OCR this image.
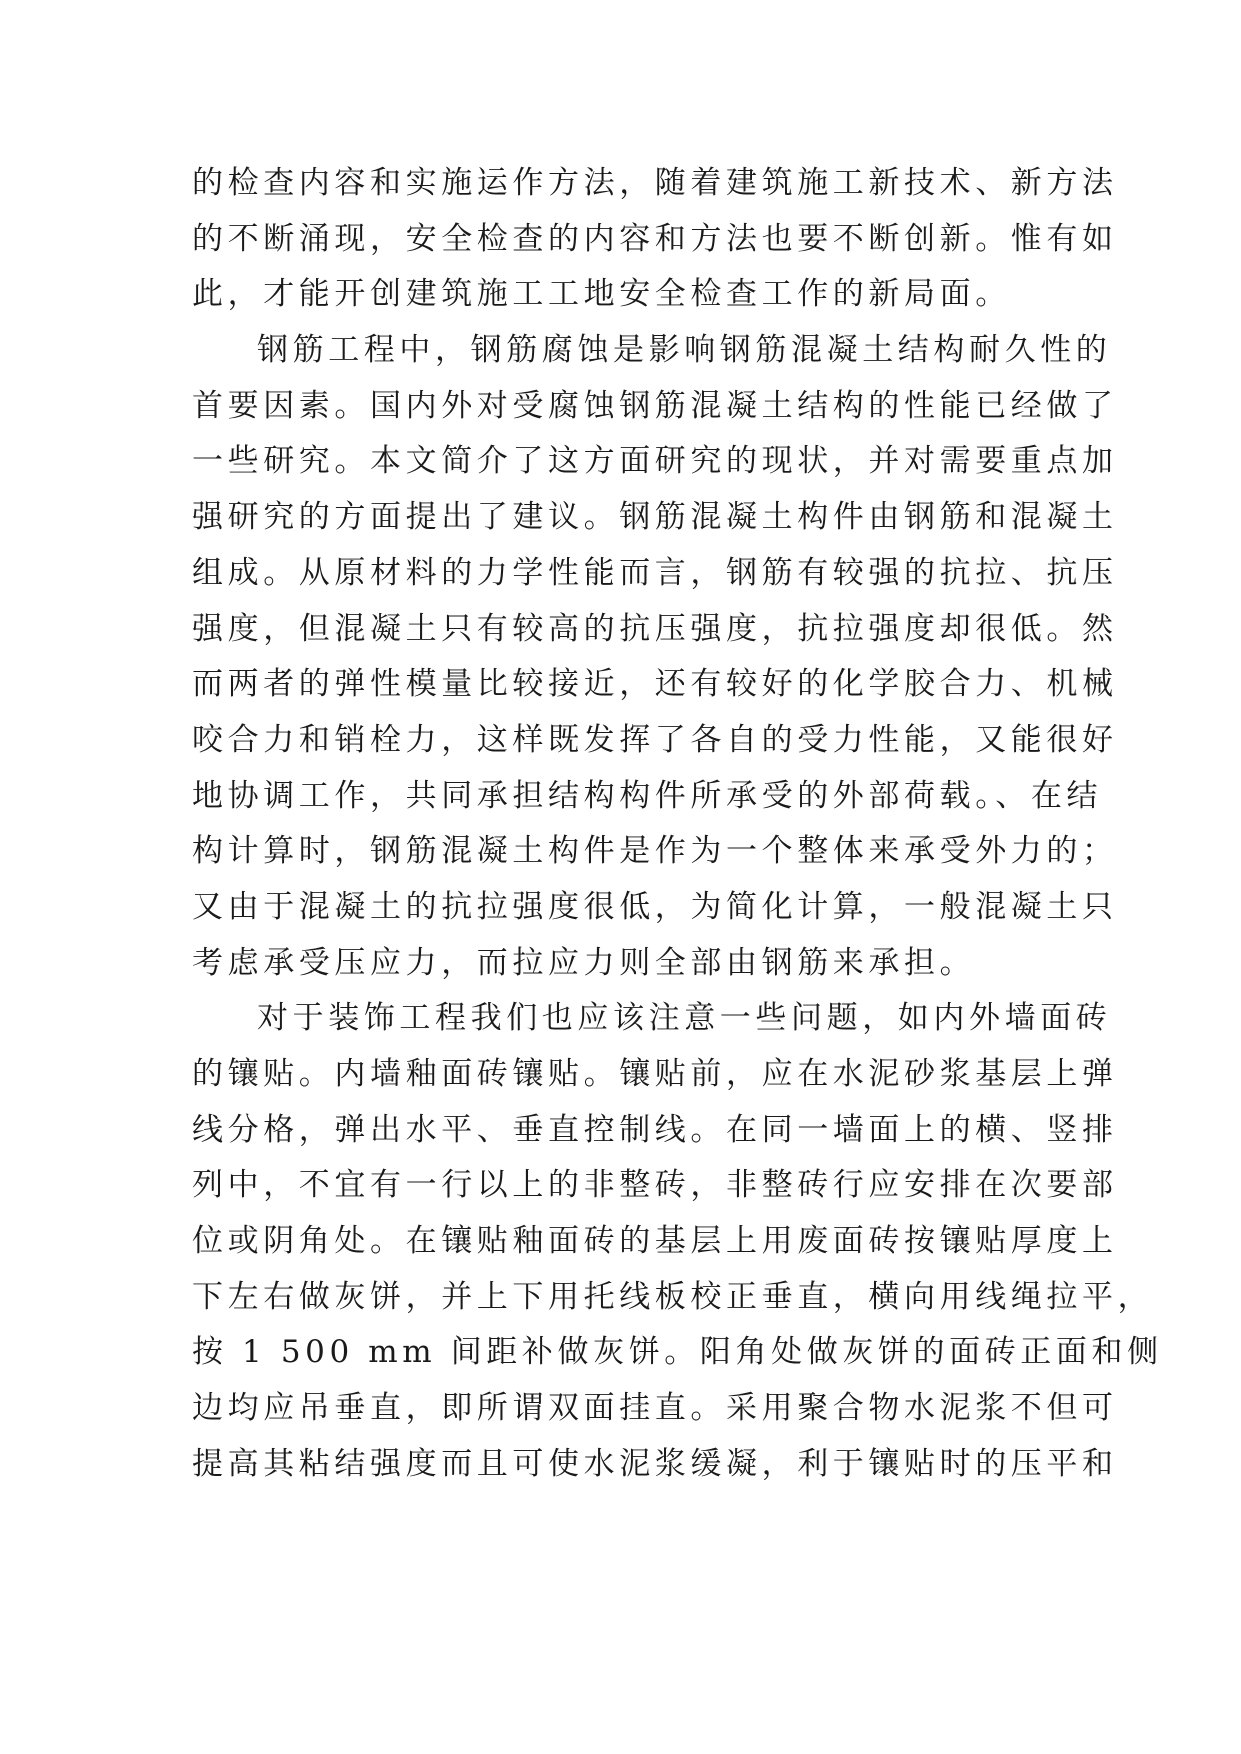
的检查内容和实施运作方法，随着建筑施工新技术、新方法
的不断涌现，安全检查的内容和方法也要不断创新。惟有如
此，才能开创建筑施工工地安全检查工作的新局面。
钢筋工程中，钢筋腐蚀是影响钢筋混凝土结构耐久性的
首要因素。国内外对受腐蚀钢筋混凝土结构的性能已经做了
一些研究。本文简介了这方面研究的现状，并对需要重点加
强研究的方面提出了建议。钢筋混凝土构件由钢筋和混凝土
组成。从原材料的力学性能而言，钢筋有较强的抗拉、抗压
强度，但混凝土只有较高的抗压强度，抗拉强度却很低。然
而两者的弹性模量比较接近，还有较好的化学胶合力、机械
咬合力和销栓力，这样既发挥了各自的受力性能，又能很好
地协调工作，共同承担结构构件所承受的外部荷载。、在结
构计算时，钢筋混凝土构件是作为一个整体来承受外力的；
又由于混凝土的抗拉强度很低，为简化计算，一般混凝土只
考虑承受压应力，而拉应力则全部由钢筋来承担。
对于装饰工程我们也应该注意一些问题，如内外墙面砖
的镶贴。内墙釉面砖镶贴。镶贴前，应在水泥砂浆基层上弹
线分格，弹出水平、垂直控制线。在同一墙面上的横、竖排
列中，不宜有一行以上的非整砖，非整砖行应安排在次要部
位或阴角处。在镶贴釉面砖的基层上用废面砖按镶贴厚度上
下左右做灰饼，并上下用托线板校正垂直，横向用线绳拉平，
按 1 500 mm 间距补做灰饼。阳角处做灰饼的面砖正面和侧
边均应吊垂直，即所谓双面挂直。采用聚合物水泥浆不但可
提高其粘结强度而且可使水泥浆缓凝，利于镶贴时的压平和
